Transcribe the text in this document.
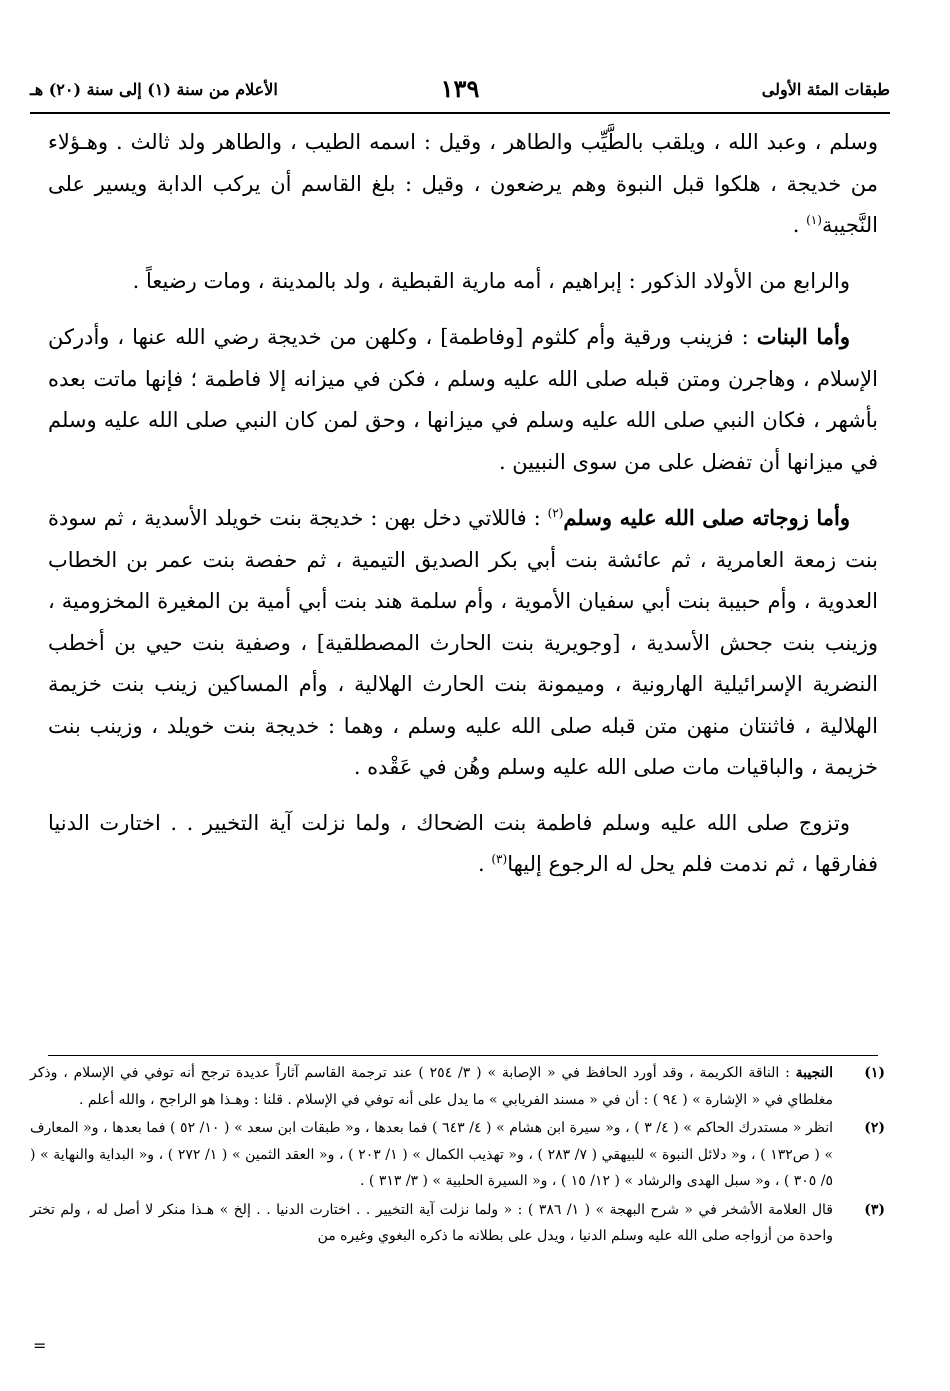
طبقات المئة الأولى
١٣٩
الأعلام من سنة (١) إلى سنة (٢٠) هـ

وسلم ، وعبد الله ، ويلقب بالطَّيِّب والطاهر ، وقيل : اسمه الطيب ، والطاهر ولد ثالث . وهـؤلاء من خديجة ، هلكوا قبل النبوة وهم يرضعون ، وقيل : بلغ القاسم أن يركب الدابة ويسير على النَّجيبة$^{(١)}$ .

والرابع من الأولاد الذكور : إبراهيم ، أمه مارية القبطية ، ولد بالمدينة ، ومات رضيعاً .

وأما البنات : فزينب ورقية وأم كلثوم [وفاطمة] ، وكلهن من خديجة رضي الله عنها ، وأدركن الإسلام ، وهاجرن ومتن قبله صلى الله عليه وسلم ، فكن في ميزانه إلا فاطمة ؛ فإنها ماتت بعده بأشهر ، فكان النبي صلى الله عليه وسلم في ميزانها ، وحق لمن كان النبي صلى الله عليه وسلم في ميزانها أن تفضل على من سوى النبيين .

وأما زوجاته صلى الله عليه وسلم$^{(٢)}$ : فاللاتي دخل بهن : خديجة بنت خويلد الأسدية ، ثم سودة بنت زمعة العامرية ، ثم عائشة بنت أبي بكر الصديق التيمية ، ثم حفصة بنت عمر بن الخطاب العدوية ، وأم حبيبة بنت أبي سفيان الأموية ، وأم سلمة هند بنت أبي أمية بن المغيرة المخزومية ، وزينب بنت جحش الأسدية ، [وجويرية بنت الحارث المصطلقية] ، وصفية بنت حيي بن أخطب النضرية الإسرائيلية الهارونية ، وميمونة بنت الحارث الهلالية ، وأم المساكين زينب بنت خزيمة الهلالية ، فاثنتان منهن متن قبله صلى الله عليه وسلم ، وهما : خديجة بنت خويلد ، وزينب بنت خزيمة ، والباقيات مات صلى الله عليه وسلم وهُن في عَقْده .

وتزوج صلى الله عليه وسلم فاطمة بنت الضحاك ، ولما نزلت آية التخيير . . اختارت الدنيا ففارقها ، ثم ندمت فلم يحل له الرجوع إليها$^{(٣)}$ .

(١)
النجيبة : الناقة الكريمة ، وقد أورد الحافظ في « الإصابة » ( ٣/ ٢٥٤ ) عند ترجمة القاسم آثاراً عديدة ترجح أنه توفي في الإسلام ، وذكر مغلطاي في « الإشارة » ( ٩٤ ) : أن في « مسند الفريابي » ما يدل على أنه توفي في الإسلام . قلنا : وهـذا هو الراجح ، والله أعلم .
(٢)
انظر « مستدرك الحاكم » ( ٤/ ٣ ) ، و« سيرة ابن هشام » ( ٤/ ٦٤٣ ) فما بعدها ، و« طبقات ابن سعد » ( ١٠/ ٥٢ ) فما بعدها ، و« المعارف » ( ص١٣٢ ) ، و« دلائل النبوة » للبيهقي ( ٧/ ٢٨٣ ) ، و« تهذيب الكمال » ( ١/ ٢٠٣ ) ، و« العقد الثمين » ( ١/ ٢٧٢ ) ، و« البداية والنهاية » ( ٥/ ٣٠٥ ) ، و« سبل الهدى والرشاد » ( ١٢/ ١٥ ) ، و« السيرة الحلبية » ( ٣/ ٣١٣ ) .
(٣)
قال العلامة الأشخر في « شرح البهجة » ( ١/ ٣٨٦ ) : « ولما نزلت آية التخيير . . اختارت الدنيا . . إلخ » هـذا منكر لا أصل له ، ولم تختر واحدة من أزواجه صلى الله عليه وسلم الدنيا ، ويدل على بطلانه ما ذكره البغوي وغيره من
=
